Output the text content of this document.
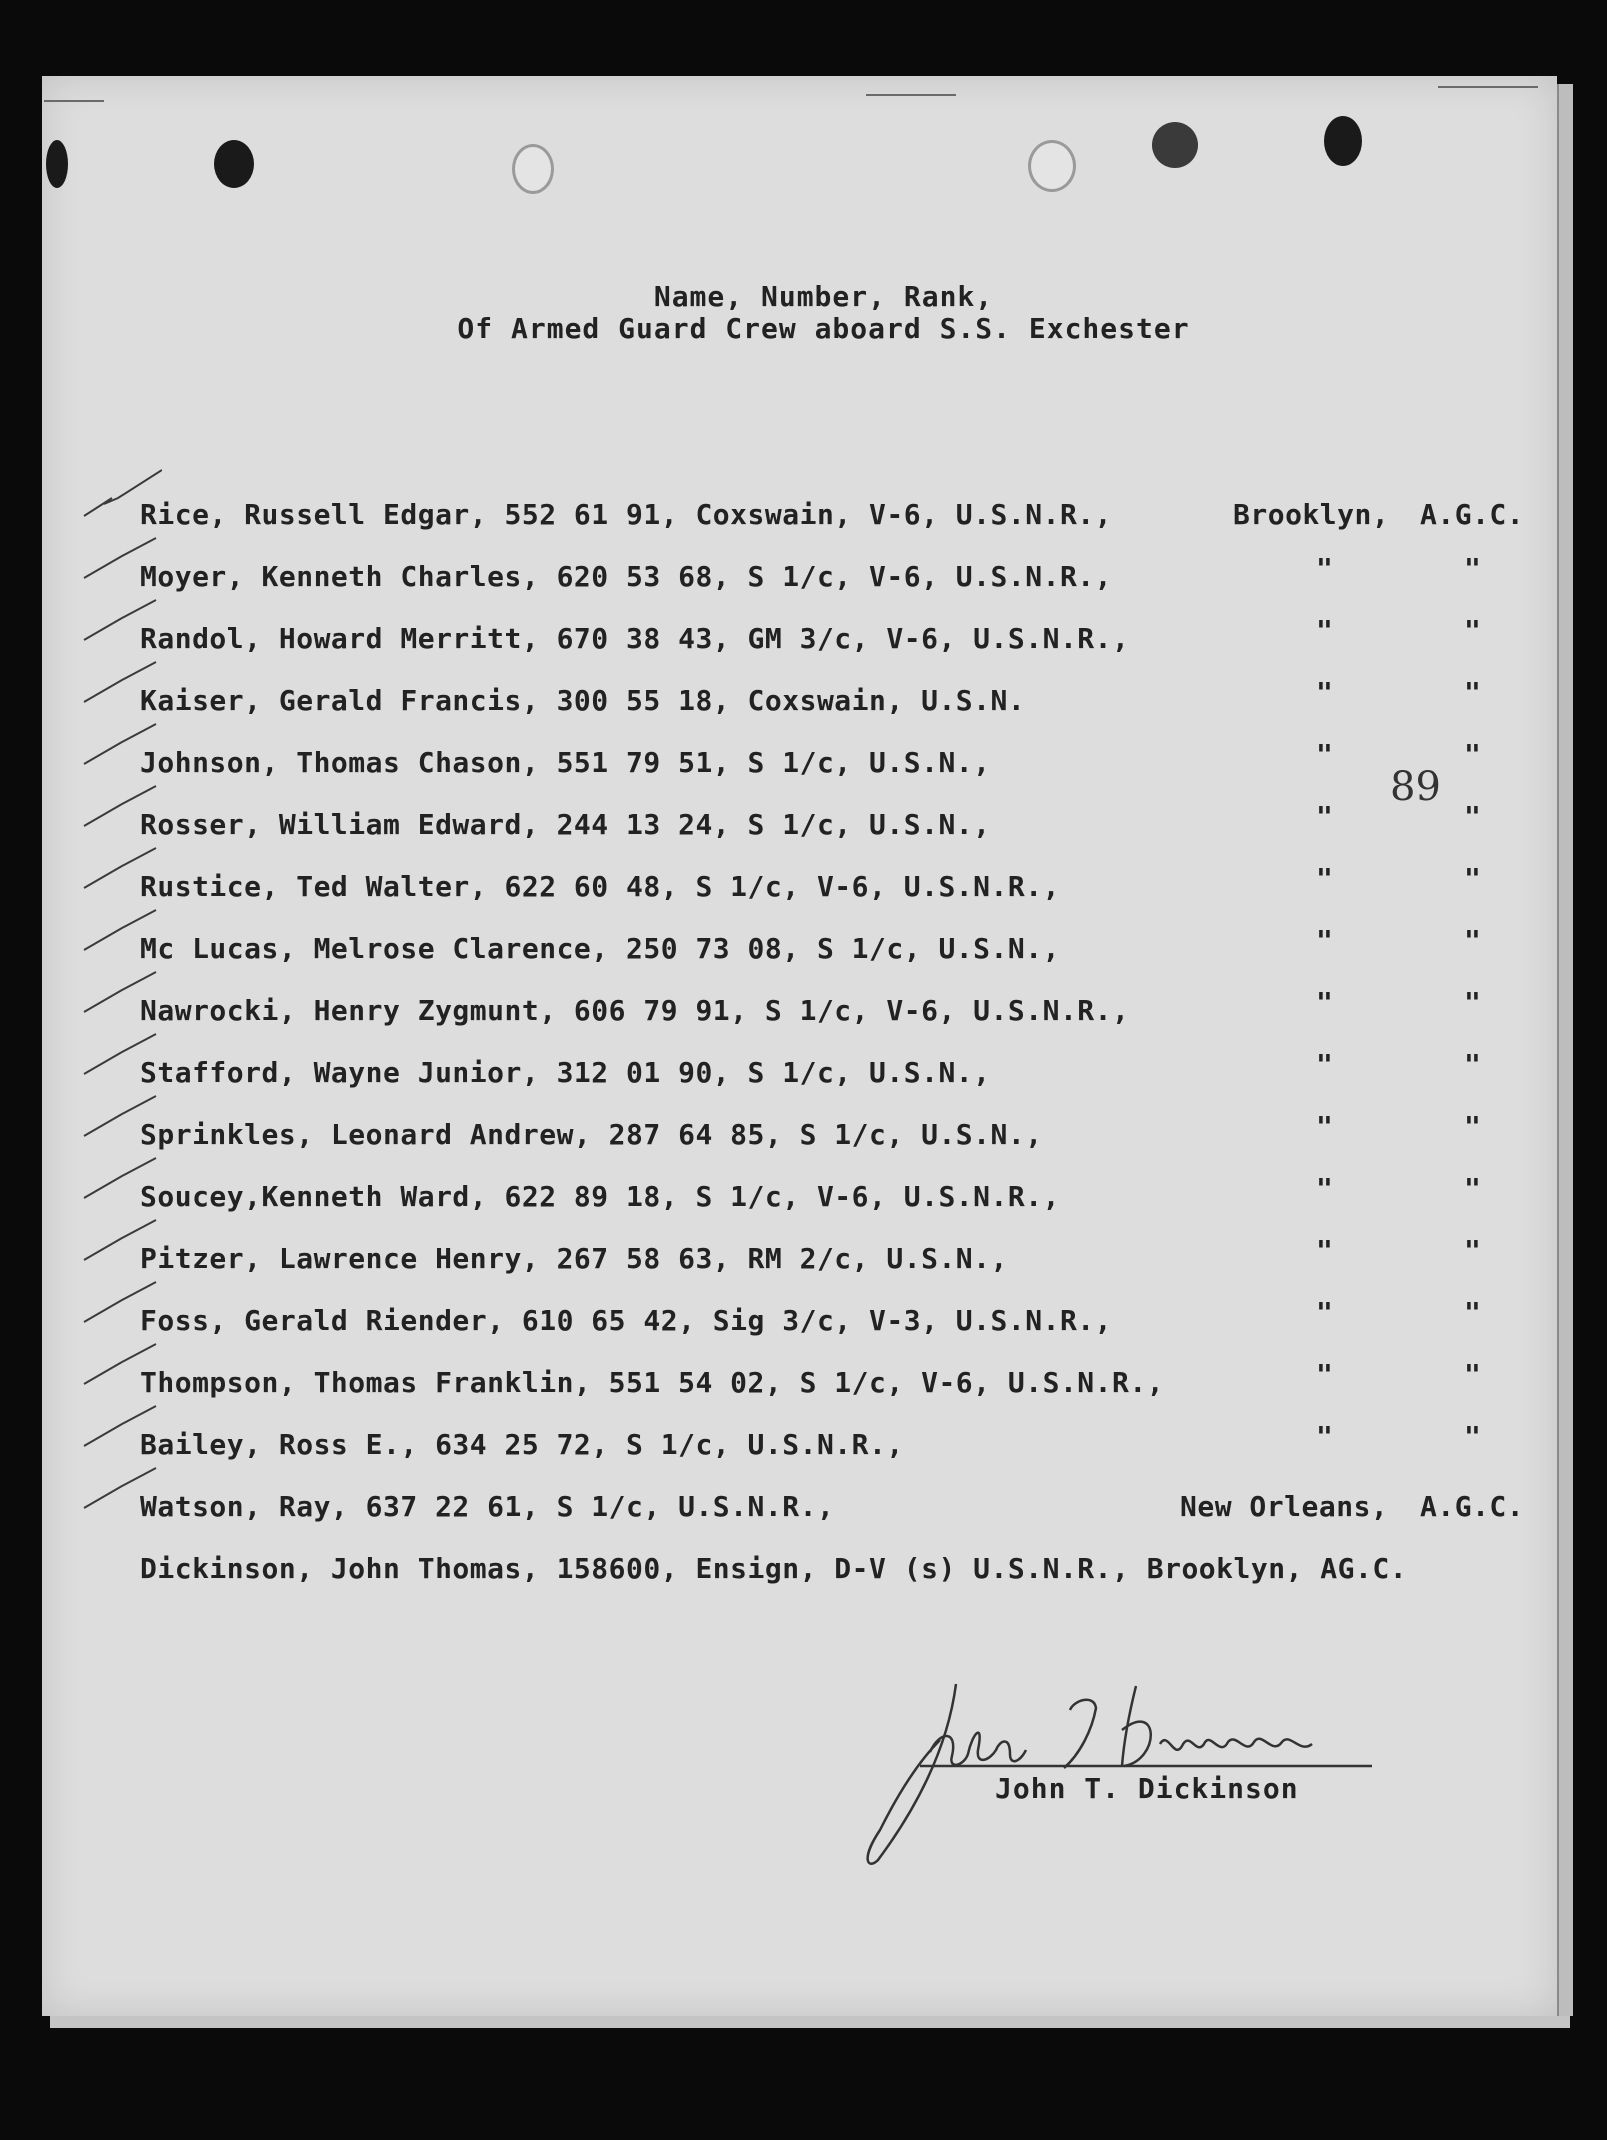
Name, Number, Rank,
Of Armed Guard Crew aboard S.S. Exchester
89
Rice, Russell Edgar, 552 61 91, Coxswain, V-6, U.S.N.R.,	Brooklyn, A.G.C.
Moyer, Kenneth Charles, 620 53 68, S 1/c, V-6, U.S.N.R.,	"	"
Randol, Howard Merritt, 670 38 43, GM 3/c, V-6, U.S.N.R.,	"	"
Kaiser, Gerald Francis, 300 55 18, Coxswain, U.S.N.	"	"
Johnson, Thomas Chason, 551 79 51, S 1/c, U.S.N.,	"	"
Rosser, William Edward, 244 13 24, S 1/c, U.S.N.,	"	"
Rustice, Ted Walter, 622 60 48, S 1/c, V-6, U.S.N.R.,	"	"
Mc Lucas, Melrose Clarence, 250 73 08, S 1/c, U.S.N.,	"	"
Nawrocki, Henry Zygmunt, 606 79 91, S 1/c, V-6, U.S.N.R.,	"	"
Stafford, Wayne Junior, 312 01 90, S 1/c, U.S.N.,	"	"
Sprinkles, Leonard Andrew, 287 64 85, S 1/c, U.S.N.,	"	"
Soucey,Kenneth Ward, 622 89 18, S 1/c, V-6, U.S.N.R.,	"	"
Pitzer, Lawrence Henry, 267 58 63, RM 2/c, U.S.N.,	"	"
Foss, Gerald Riender, 610 65 42, Sig 3/c, V-3, U.S.N.R.,	"	"
Thompson, Thomas Franklin, 551 54 02, S 1/c, V-6, U.S.N.R.,	"	"
Bailey, Ross E., 634 25 72, S 1/c, U.S.N.R.,	"	"
Watson, Ray, 637 22 61, S 1/c, U.S.N.R.,	New Orleans, A.G.C.
Dickinson, John Thomas, 158600, Ensign, D-V (s) U.S.N.R., Brooklyn, AG.C.
John T. Dickinson
